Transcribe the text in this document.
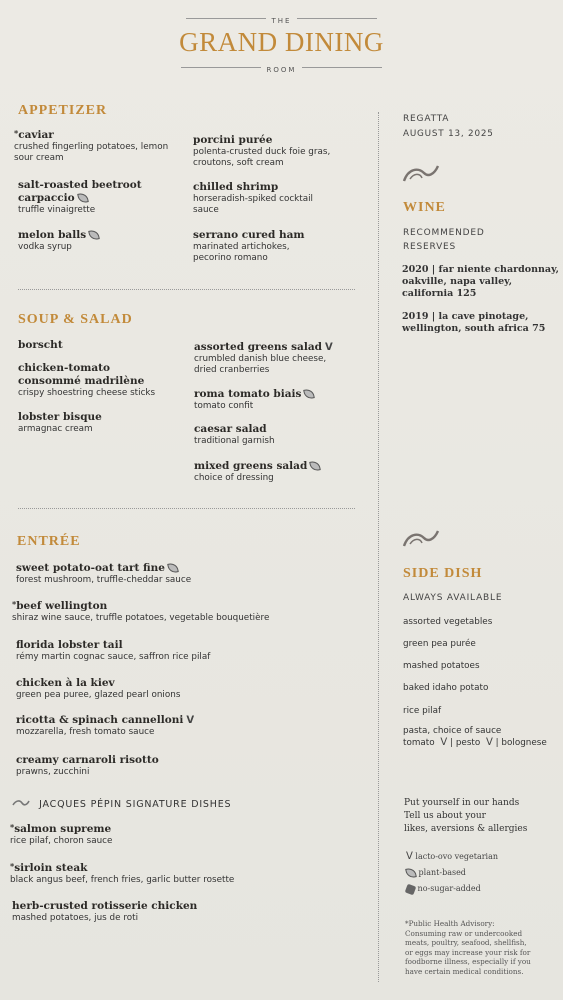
THE
GRAND DINING
ROOM
APPETIZER
*caviar
crushed fingerling potatoes, lemon sour cream
salt-roasted beetroot carpaccio
truffle vinaigrette
melon balls
vodka syrup
porcini purée
polenta-crusted duck foie gras, croutons, soft cream
chilled shrimp
horseradish-spiked cocktail sauce
serrano cured ham
marinated artichokes, pecorino romano
SOUP & SALAD
borscht
chicken-tomato consommé madrilène
crispy shoestring cheese sticks
lobster bisque
armagnac cream
assorted greens salad ᐯ
crumbled danish blue cheese, dried cranberries
roma tomato biais
tomato confit
caesar salad
traditional garnish
mixed greens salad
choice of dressing
ENTRÉE
sweet potato-oat tart fine
forest mushroom, truffle-cheddar sauce
*beef wellington
shiraz wine sauce, truffle potatoes, vegetable bouquetière
florida lobster tail
rémy martin cognac sauce, saffron rice pilaf
chicken à la kiev
green pea puree, glazed pearl onions
ricotta & spinach cannelloni ᐯ
mozzarella, fresh tomato sauce
creamy carnaroli risotto
prawns, zucchini
JACQUES PÉPIN SIGNATURE DISHES
*salmon supreme
rice pilaf, choron sauce
*sirloin steak
black angus beef, french fries, garlic butter rosette
herb-crusted rotisserie chicken
mashed potatoes, jus de roti
REGATTA
AUGUST 13, 2025
WINE
RECOMMENDED
RESERVES
2020 | far niente chardonnay,
oakville, napa valley,
california 125
2019 | la cave pinotage,
wellington, south africa 75
SIDE DISH
ALWAYS AVAILABLE
assorted vegetables
green pea purée
mashed potatoes
baked idaho potato
rice pilaf
pasta, choice of sauce
tomato ᐯ | pesto ᐯ | bolognese
Put yourself in our hands
Tell us about your
likes, aversions & allergies
ᐯ lacto-ovo vegetarian
plant-based
no-sugar-added
*Public Health Advisory:
Consuming raw or undercooked
meats, poultry, seafood, shellfish,
or eggs may increase your risk for
foodborne illness, especially if you
have certain medical conditions.
